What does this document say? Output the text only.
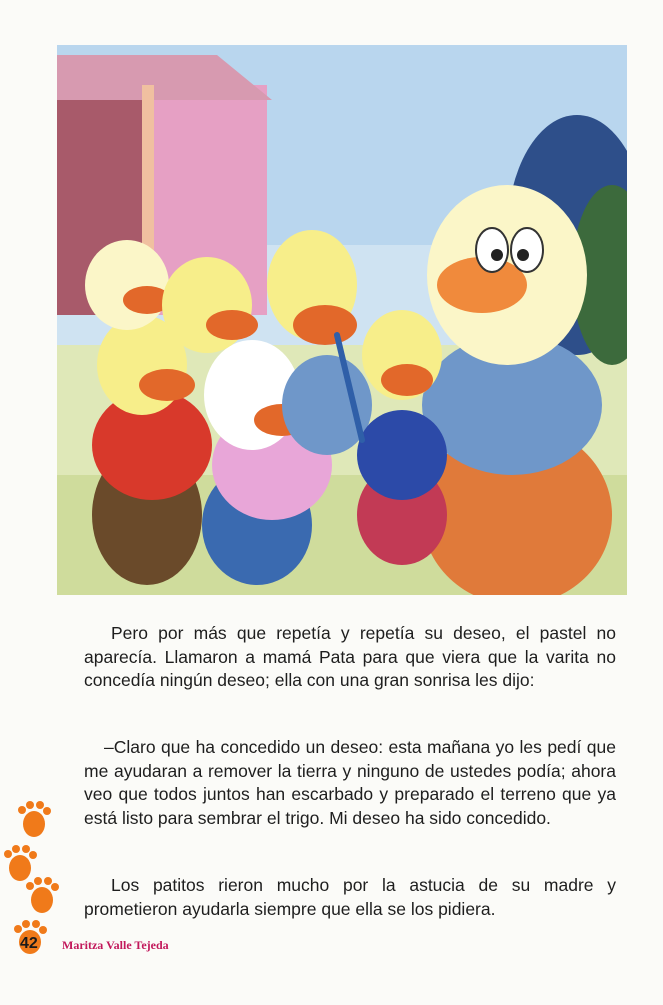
Pero por más que repetía y repetía su deseo, el pastel no aparecía. Llamaron a mamá Pata para que viera que la varita no concedía ningún deseo; ella con una gran sonrisa les dijo:

–Claro que ha concedido un deseo: esta mañana yo les pedí que me ayudaran a remover la tierra y ninguno de ustedes podía; ahora veo que todos juntos han escarbado y preparado el terreno que ya está listo para sembrar el trigo. Mi deseo ha sido concedido.

Los patitos rieron mucho por la astucia de su madre y prometieron ayudarla siempre que ella se los pidiera.

42 Maritza Valle Tejeda
